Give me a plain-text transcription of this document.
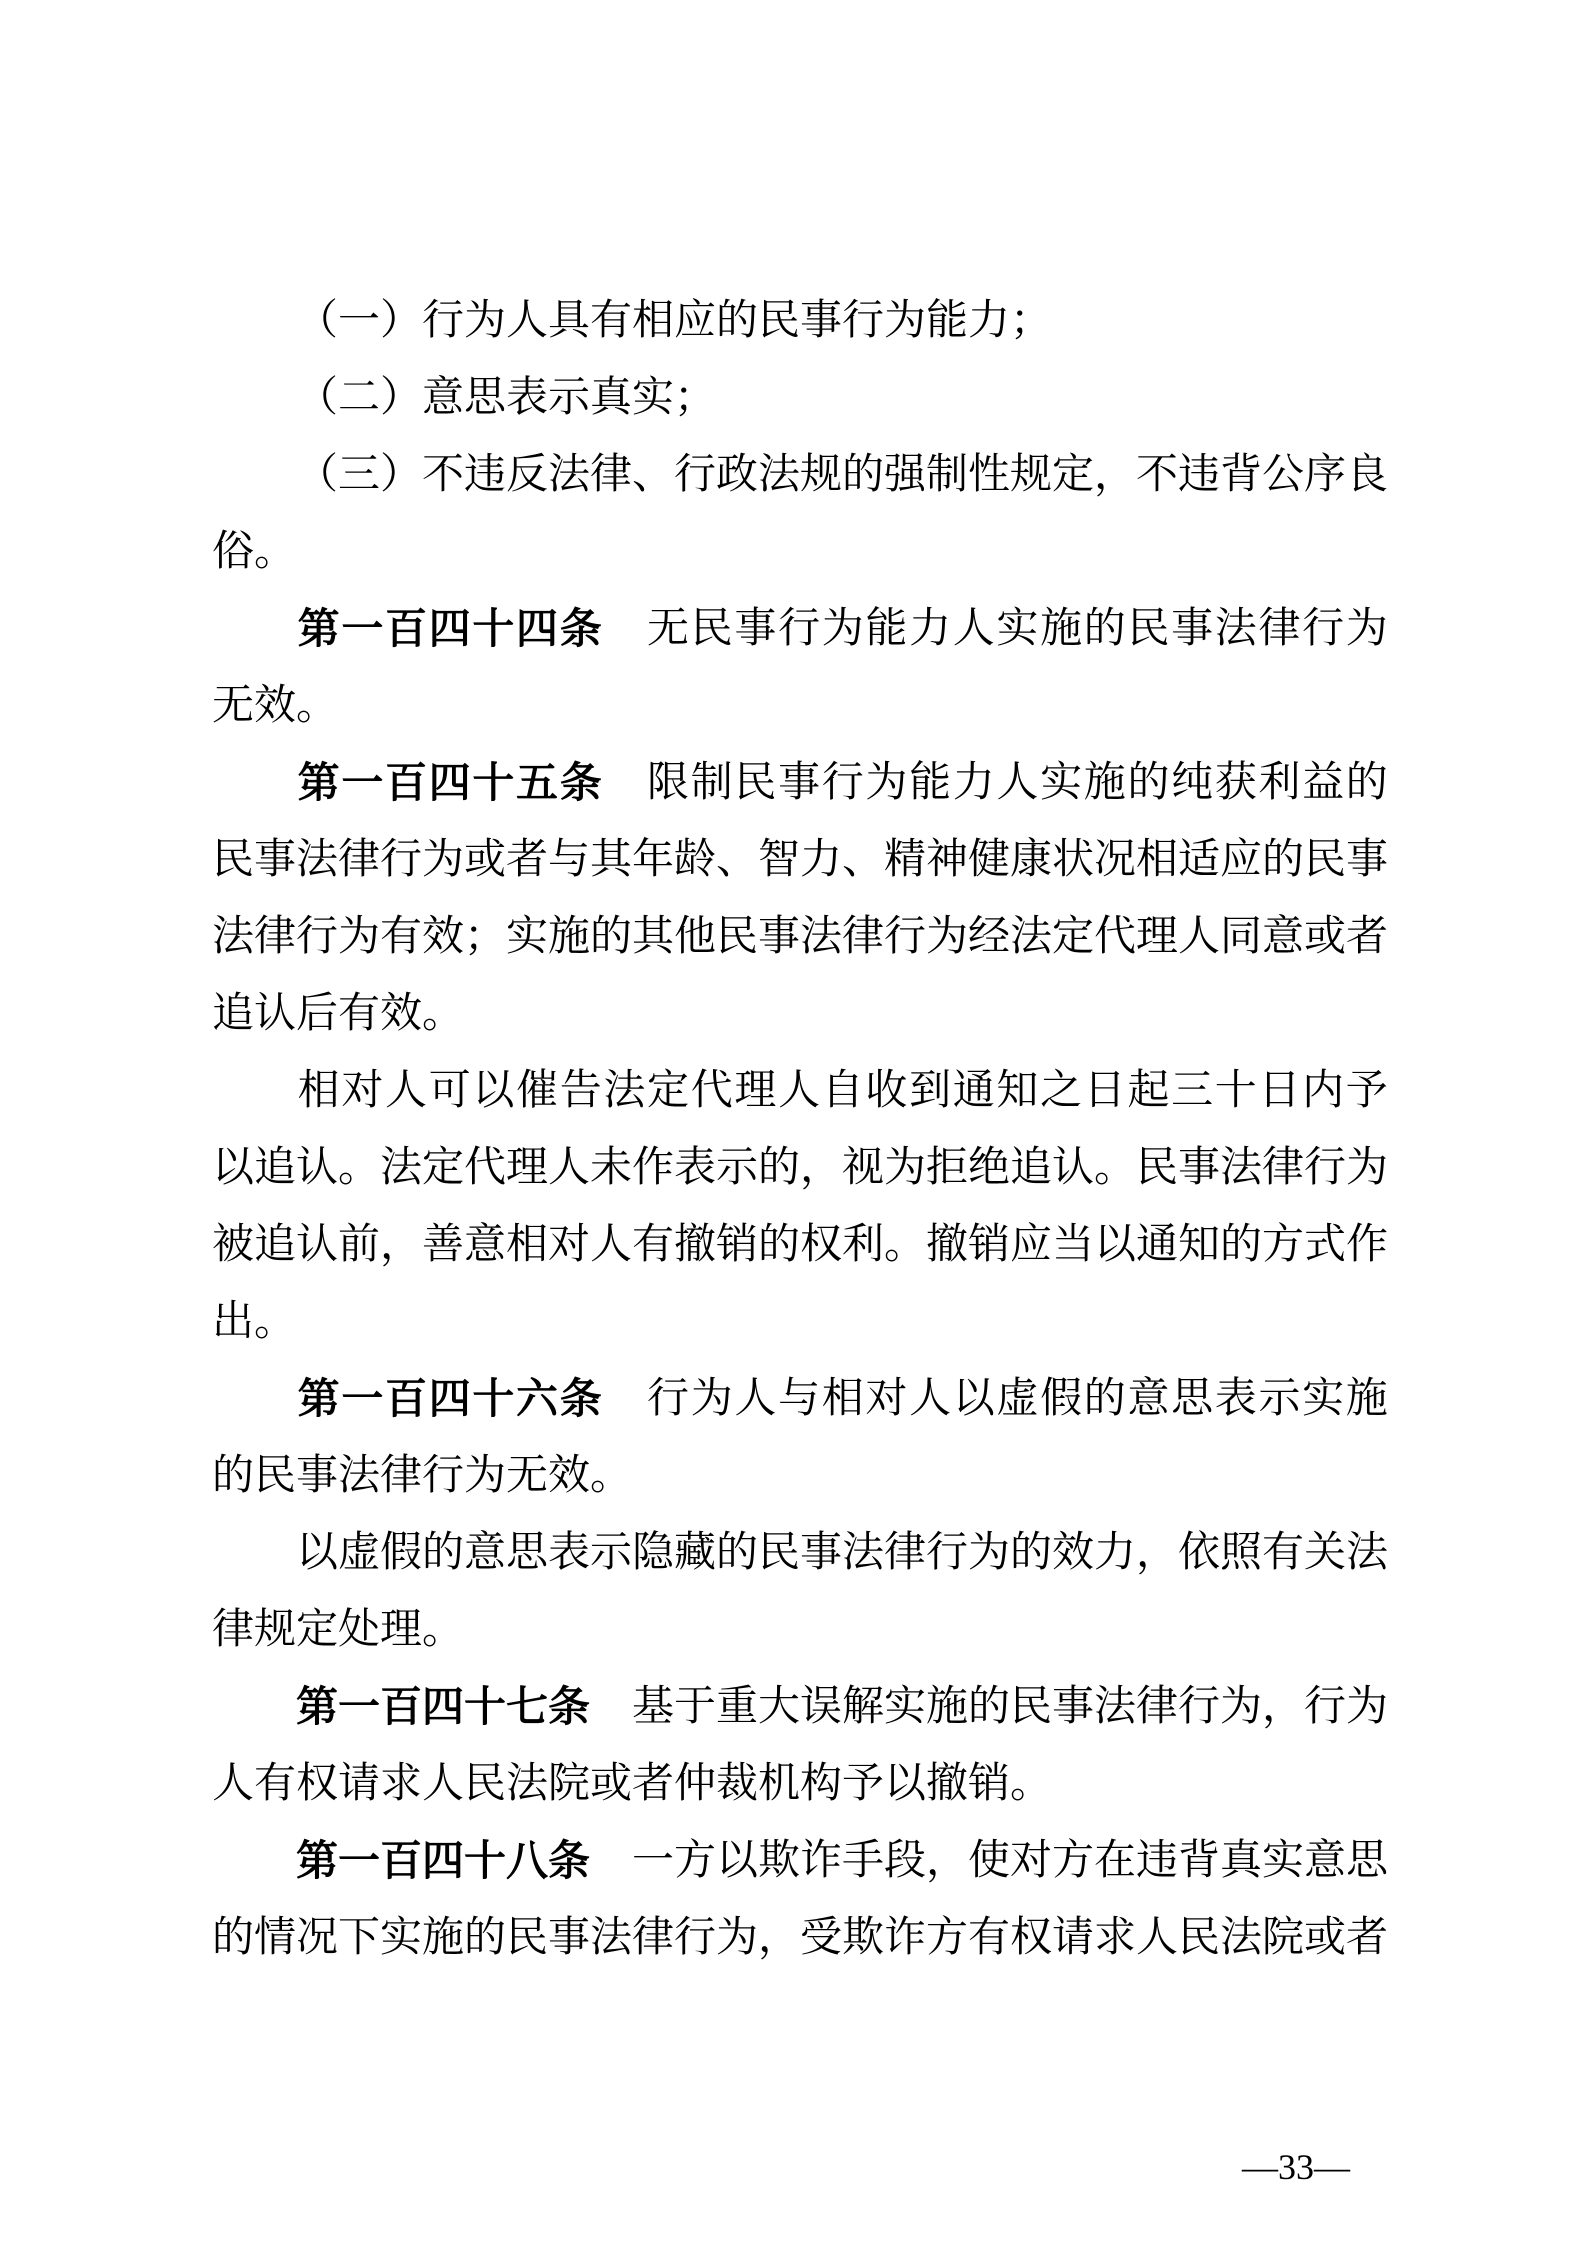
（ 一 ） 行 为 人 具 有 相 应 的 民 事 行 为 能 力 ；
（ 二 ） 意 思 表 示 真 实 ；
（ 三 ） 不 违 反 法 律 、 行 政 法 规 的 强 制 性 规 定 ， 不 违 背 公 序 良
俗 。
第 一 百 四 十 四 条
　 无 民 事 行 为 能 力 人 实 施 的 民 事 法 律 行 为
无 效 。
第 一 百 四 十 五 条
　 限 制 民 事 行 为 能 力 人 实 施 的 纯 获 利 益 的
民 事 法 律 行 为 或 者 与 其 年 龄 、 智 力 、 精 神 健 康 状 况 相 适 应 的 民 事
法 律 行 为 有 效 ； 实 施 的 其 他 民 事 法 律 行 为 经 法 定 代 理 人 同 意 或 者
追 认 后 有 效 。
相 对 人 可 以 催 告 法 定 代 理 人 自 收 到 通 知 之 日 起 三 十 日 内 予
以 追 认 。 法 定 代 理 人 未 作 表 示 的 ， 视 为 拒 绝 追 认 。 民 事 法 律 行 为
被 追 认 前 ， 善 意 相 对 人 有 撤 销 的 权 利 。 撤 销 应 当 以 通 知 的 方 式 作
出 。
第 一 百 四 十 六 条
　 行 为 人 与 相 对 人 以 虚 假 的 意 思 表 示 实 施
的 民 事 法 律 行 为 无 效 。
以 虚 假 的 意 思 表 示 隐 藏 的 民 事 法 律 行 为 的 效 力 ， 依 照 有 关 法
律 规 定 处 理 。
第 一 百 四 十 七 条
　 基 于 重 大 误 解 实 施 的 民 事 法 律 行 为 ， 行 为
人 有 权 请 求 人 民 法 院 或 者 仲 裁 机 构 予 以 撤 销 。
第 一 百 四 十 八 条
　 一 方 以 欺 诈 手 段 ， 使 对 方 在 违 背 真 实 意 思
的 情 况 下 实 施 的 民 事 法 律 行 为 ， 受 欺 诈 方 有 权 请 求 人 民 法 院 或 者
—33—
